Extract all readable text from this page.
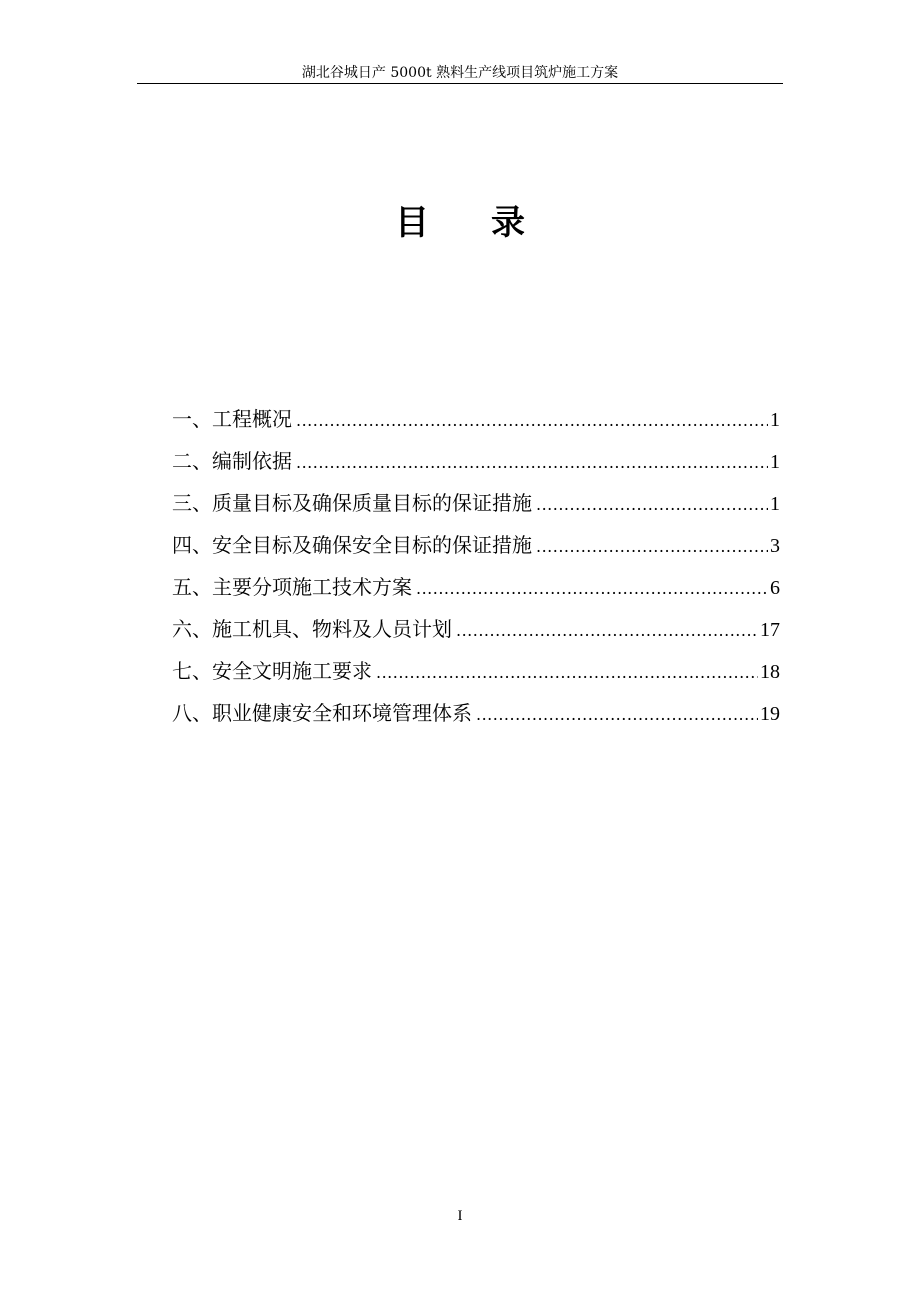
湖北谷城日产 5000t 熟料生产线项目筑炉施工方案
目 录
一、工程概况 .....	1
二、编制依据 .....	1
三、质量目标及确保质量目标的保证措施 .....	1
四、安全目标及确保安全目标的保证措施 .....	3
五、主要分项施工技术方案 .....	6
六、施工机具、物料及人员计划 .....	17
七、安全文明施工要求 .....	18
八、职业健康安全和环境管理体系 .....	19
I
